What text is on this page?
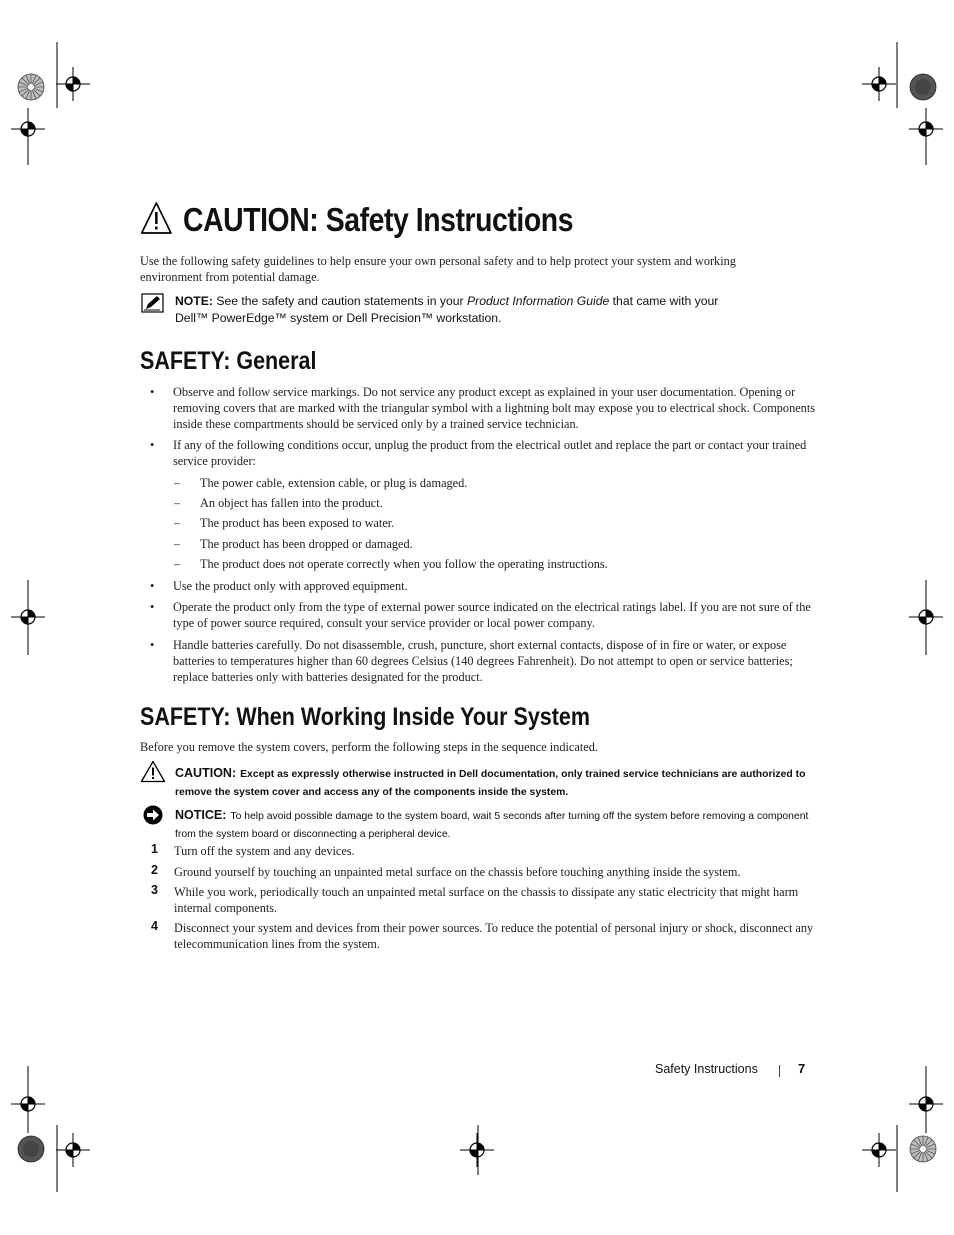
CAUTION: Safety Instructions
Use the following safety guidelines to help ensure your own personal safety and to help protect your system and working environment from potential damage.
NOTE: See the safety and caution statements in your Product Information Guide that came with your
Dell™ PowerEdge™ system or Dell Precision™ workstation.
SAFETY: General
• Observe and follow service markings. Do not service any product except as explained in your user documentation. Opening or removing covers that are marked with the triangular symbol with a lightning bolt may expose you to electrical shock. Components inside these compartments should be serviced only by a trained service technician.
• If any of the following conditions occur, unplug the product from the electrical outlet and replace the part or contact your trained service provider:
– The power cable, extension cable, or plug is damaged.
– An object has fallen into the product.
– The product has been exposed to water.
– The product has been dropped or damaged.
– The product does not operate correctly when you follow the operating instructions.
• Use the product only with approved equipment.
• Operate the product only from the type of external power source indicated on the electrical ratings label. If you are not sure of the type of power source required, consult your service provider or local power company.
• Handle batteries carefully. Do not disassemble, crush, puncture, short external contacts, dispose of in fire or water, or expose batteries to temperatures higher than 60 degrees Celsius (140 degrees Fahrenheit). Do not attempt to open or service batteries; replace batteries only with batteries designated for the product.
SAFETY: When Working Inside Your System
Before you remove the system covers, perform the following steps in the sequence indicated.
CAUTION: Except as expressly otherwise instructed in Dell documentation, only trained service technicians are authorized to remove the system cover and access any of the components inside the system.
NOTICE: To help avoid possible damage to the system board, wait 5 seconds after turning off the system before removing a component from the system board or disconnecting a peripheral device.
1 Turn off the system and any devices.
2 Ground yourself by touching an unpainted metal surface on the chassis before touching anything inside the system.
3 While you work, periodically touch an unpainted metal surface on the chassis to dissipate any static electricity that might harm internal components.
4 Disconnect your system and devices from their power sources. To reduce the potential of personal injury or shock, disconnect any telecommunication lines from the system.
Safety Instructions	7
